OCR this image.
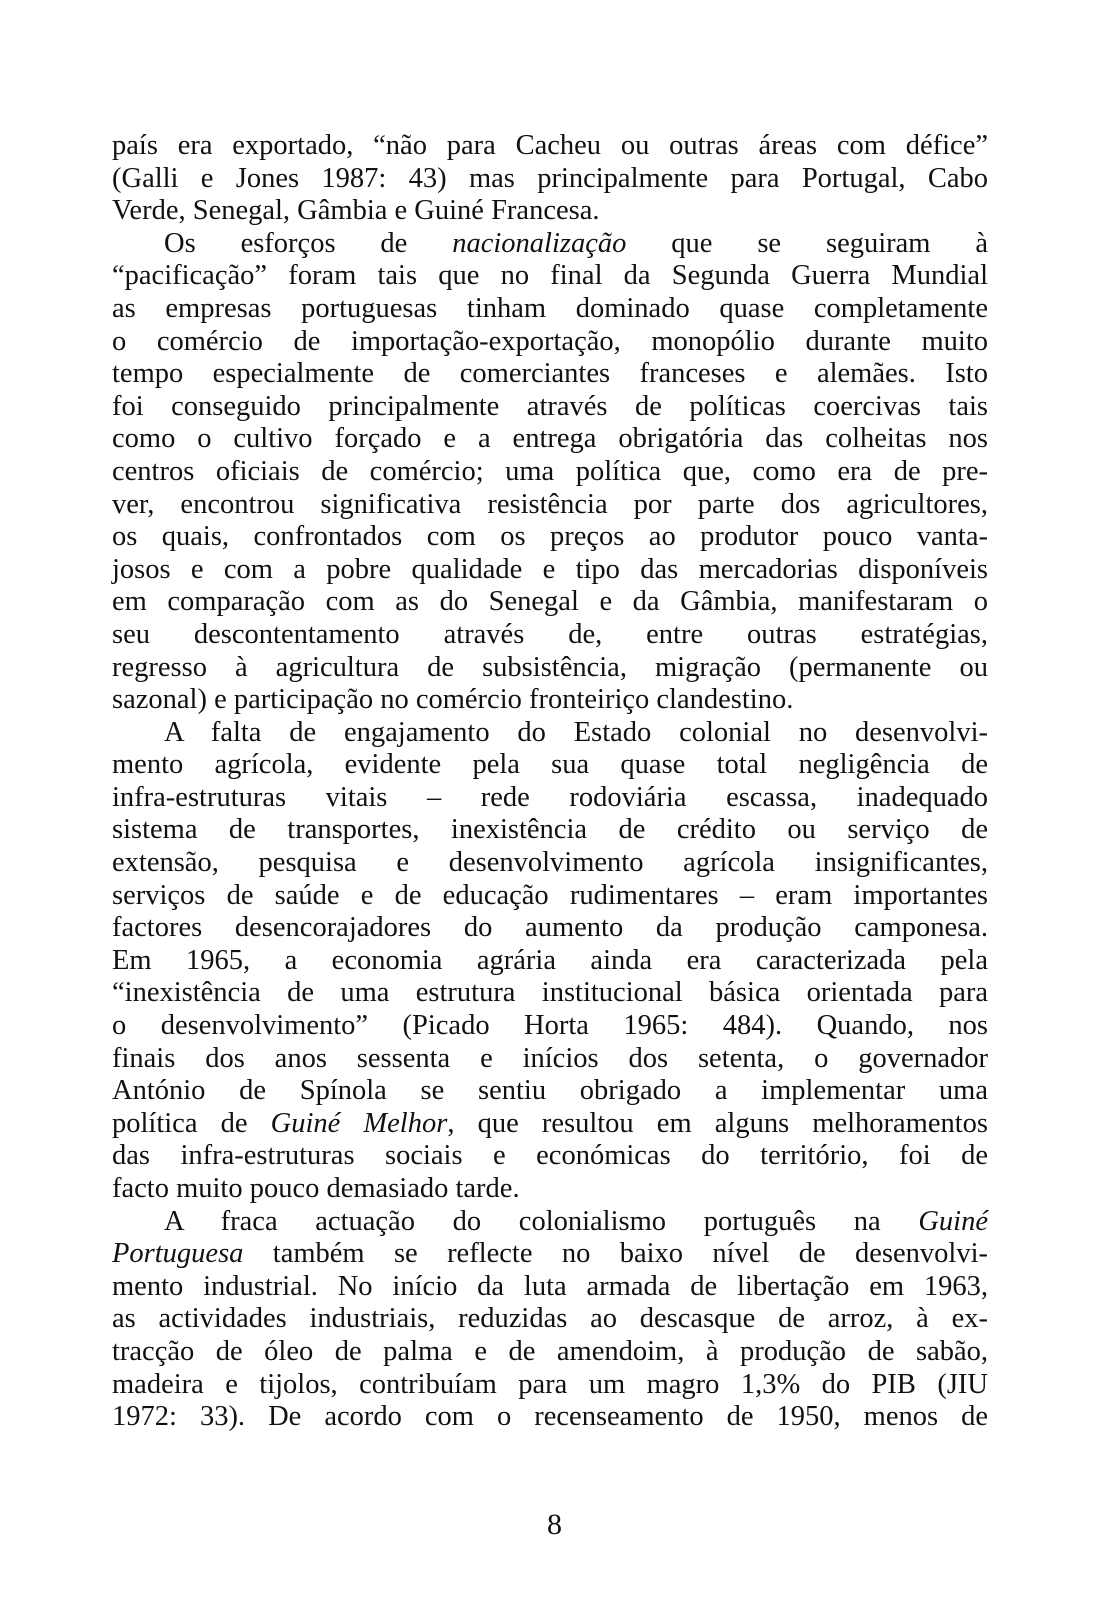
país era exportado, “não para Cacheu ou outras áreas com défice”
(Galli e Jones 1987: 43) mas principalmente para Portugal, Cabo
Verde, Senegal, Gâmbia e Guiné Francesa.
Os esforços de nacionalização que se seguiram à
“pacificação” foram tais que no final da Segunda Guerra Mundial
as empresas portuguesas tinham dominado quase completamente
o comércio de importação-exportação, monopólio durante muito
tempo especialmente de comerciantes franceses e alemães. Isto
foi conseguido principalmente através de políticas coercivas tais
como o cultivo forçado e a entrega obrigatória das colheitas nos
centros oficiais de comércio; uma política que, como era de pre-
ver, encontrou significativa resistência por parte dos agricultores,
os quais, confrontados com os preços ao produtor pouco vanta-
josos e com a pobre qualidade e tipo das mercadorias disponíveis
em comparação com as do Senegal e da Gâmbia, manifestaram o
seu descontentamento através de, entre outras estratégias,
regresso à agricultura de subsistência, migração (permanente ou
sazonal) e participação no comércio fronteiriço clandestino.
A falta de engajamento do Estado colonial no desenvolvi-
mento agrícola, evidente pela sua quase total negligência de
infra-estruturas vitais – rede rodoviária escassa, inadequado
sistema de transportes, inexistência de crédito ou serviço de
extensão, pesquisa e desenvolvimento agrícola insignificantes,
serviços de saúde e de educação rudimentares – eram importantes
factores desencorajadores do aumento da produção camponesa.
Em 1965, a economia agrária ainda era caracterizada pela
“inexistência de uma estrutura institucional básica orientada para
o desenvolvimento” (Picado Horta 1965: 484). Quando, nos
finais dos anos sessenta e inícios dos setenta, o governador
António de Spínola se sentiu obrigado a implementar uma
política de Guiné Melhor, que resultou em alguns melhoramentos
das infra-estruturas sociais e económicas do território, foi de
facto muito pouco demasiado tarde.
A fraca actuação do colonialismo português na Guiné
Portuguesa também se reflecte no baixo nível de desenvolvi-
mento industrial. No início da luta armada de libertação em 1963,
as actividades industriais, reduzidas ao descasque de arroz, à ex-
tracção de óleo de palma e de amendoim, à produção de sabão,
madeira e tijolos, contribuíam para um magro 1,3% do PIB (JIU
1972: 33). De acordo com o recenseamento de 1950, menos de
8
